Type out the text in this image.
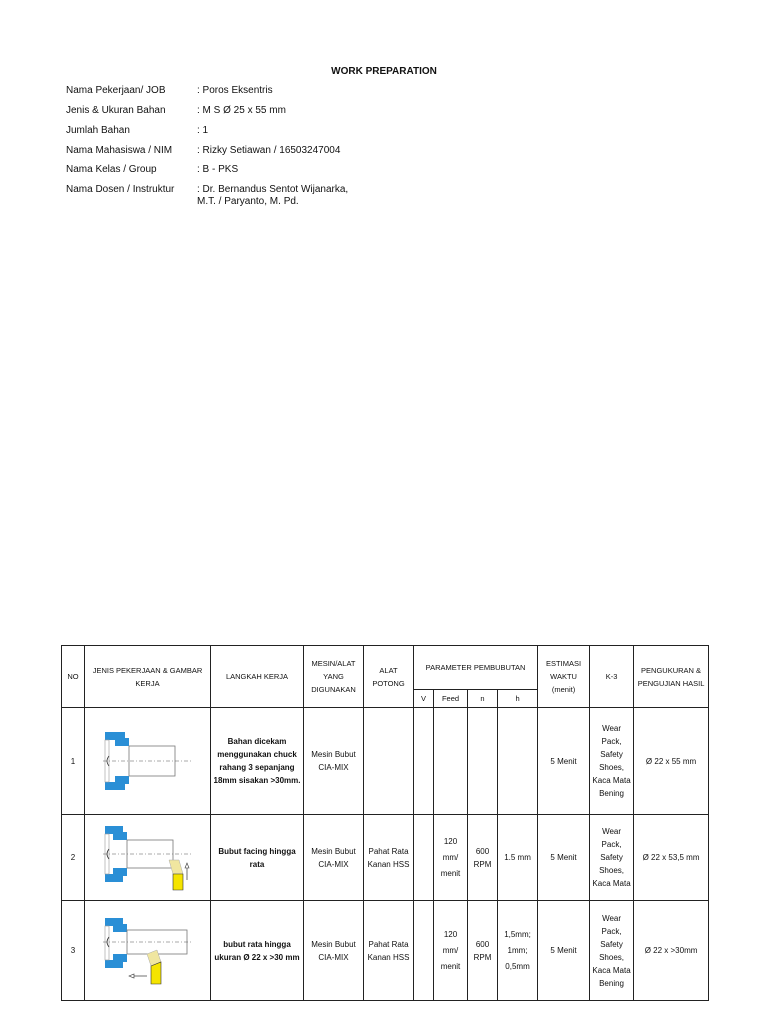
WORK PREPARATION
Nama Pekerjaan/ JOB	: Poros Eksentris
Jenis & Ukuran Bahan	: M S Ø 25 x 55 mm
Jumlah Bahan	: 1
Nama Mahasiswa / NIM	: Rizky Setiawan / 16503247004
Nama Kelas / Group	: B - PKS
Nama Dosen / Instruktur	: Dr. Bernandus Sentot Wijanarka,
M.T. / Paryanto, M. Pd.
NO	JENIS PEKERJAAN & GAMBAR KERJA	LANGKAH KERJA	MESIN/ALAT YANG DIGUNAKAN	ALAT POTONG	PARAMETER PEMBUBUTAN				ESTIMASI WAKTU (menit)	K-3	PENGUKURAN & PENGUJIAN HASIL
					V	Feed	n	h			
1		Bahan dicekam menggunakan chuck rahang 3 sepanjang 18mm sisakan >30mm.	Mesin Bubut CIA-MIX						5 Menit	Wear Pack, Safety Shoes, Kaca Mata Bening	Ø 22 x 55 mm
2		Bubut facing hingga rata	Mesin Bubut CIA-MIX	Pahat Rata Kanan HSS		120 mm/ menit	600 RPM	1.5 mm	5 Menit	Wear Pack, Safety Shoes, Kaca Mata	Ø 22 x 53,5 mm
3		bubut rata hingga ukuran Ø 22 x >30 mm	Mesin Bubut CIA-MIX	Pahat Rata Kanan HSS		120 mm/ menit	600 RPM	1,5mm; 1mm; 0,5mm	5 Menit	Wear Pack, Safety Shoes, Kaca Mata Bening	Ø 22 x >30mm
